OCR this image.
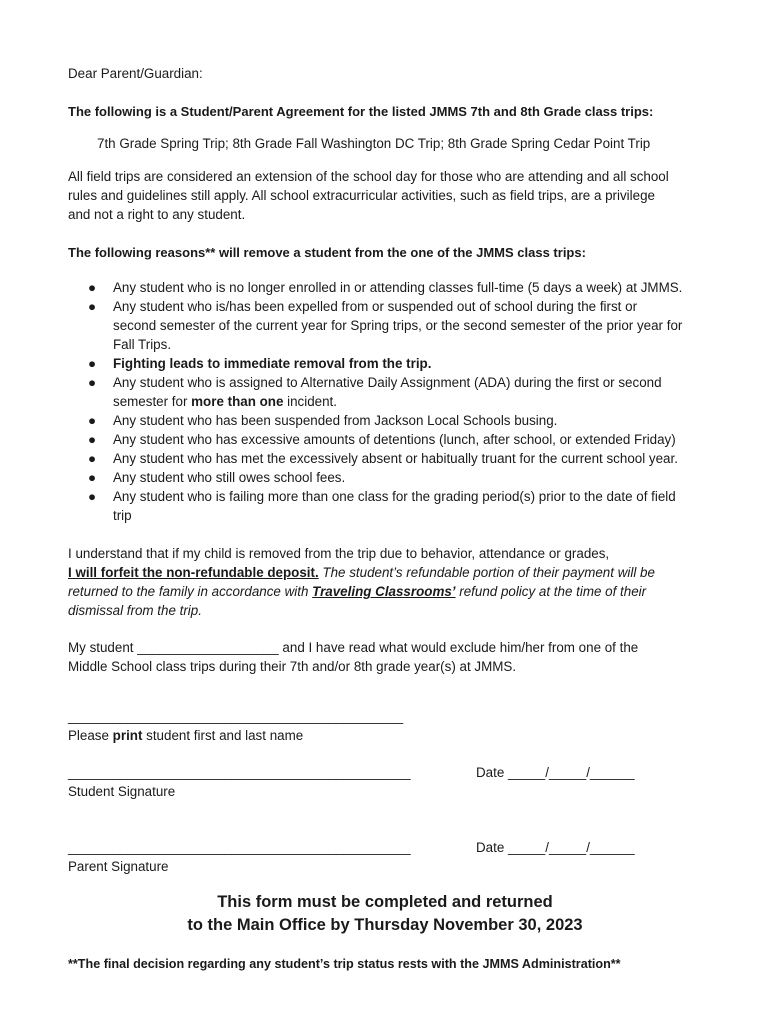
Dear Parent/Guardian:
The following is a Student/Parent Agreement for the listed JMMS 7th and 8th Grade class trips:
7th Grade Spring Trip; 8th Grade Fall Washington DC Trip; 8th Grade Spring Cedar Point Trip
All field trips are considered an extension of the school day for those who are attending and all school
rules and guidelines still apply. All school extracurricular activities, such as field trips, are a privilege
and not a right to any student.
The following reasons** will remove a student from the one of the JMMS class trips:
● Any student who is no longer enrolled in or attending classes full-time (5 days a week) at JMMS.
● Any student who is/has been expelled from or suspended out of school during the first or
second semester of the current year for Spring trips, or the second semester of the prior year for
Fall Trips.
● Fighting leads to immediate removal from the trip.
● Any student who is assigned to Alternative Daily Assignment (ADA) during the first or second
semester for more than one incident.
● Any student who has been suspended from Jackson Local Schools busing.
● Any student who has excessive amounts of detentions (lunch, after school, or extended Friday)
● Any student who has met the excessively absent or habitually truant for the current school year.
● Any student who still owes school fees.
● Any student who is failing more than one class for the grading period(s) prior to the date of field
trip
I understand that if my child is removed from the trip due to behavior, attendance or grades,
I will forfeit the non-refundable deposit. The student’s refundable portion of their payment will be
returned to the family in accordance with Traveling Classrooms’ refund policy at the time of their
dismissal from the trip.
My student ___________________ and I have read what would exclude him/her from one of the
Middle School class trips during their 7th and/or 8th grade year(s) at JMMS.
_____________________________________________
Please print student first and last name
______________________________________________	Date _____/_____/______
Student Signature
______________________________________________	Date _____/_____/______
Parent Signature
This form must be completed and returned
to the Main Office by Thursday November 30, 2023
**The final decision regarding any student’s trip status rests with the JMMS Administration**
